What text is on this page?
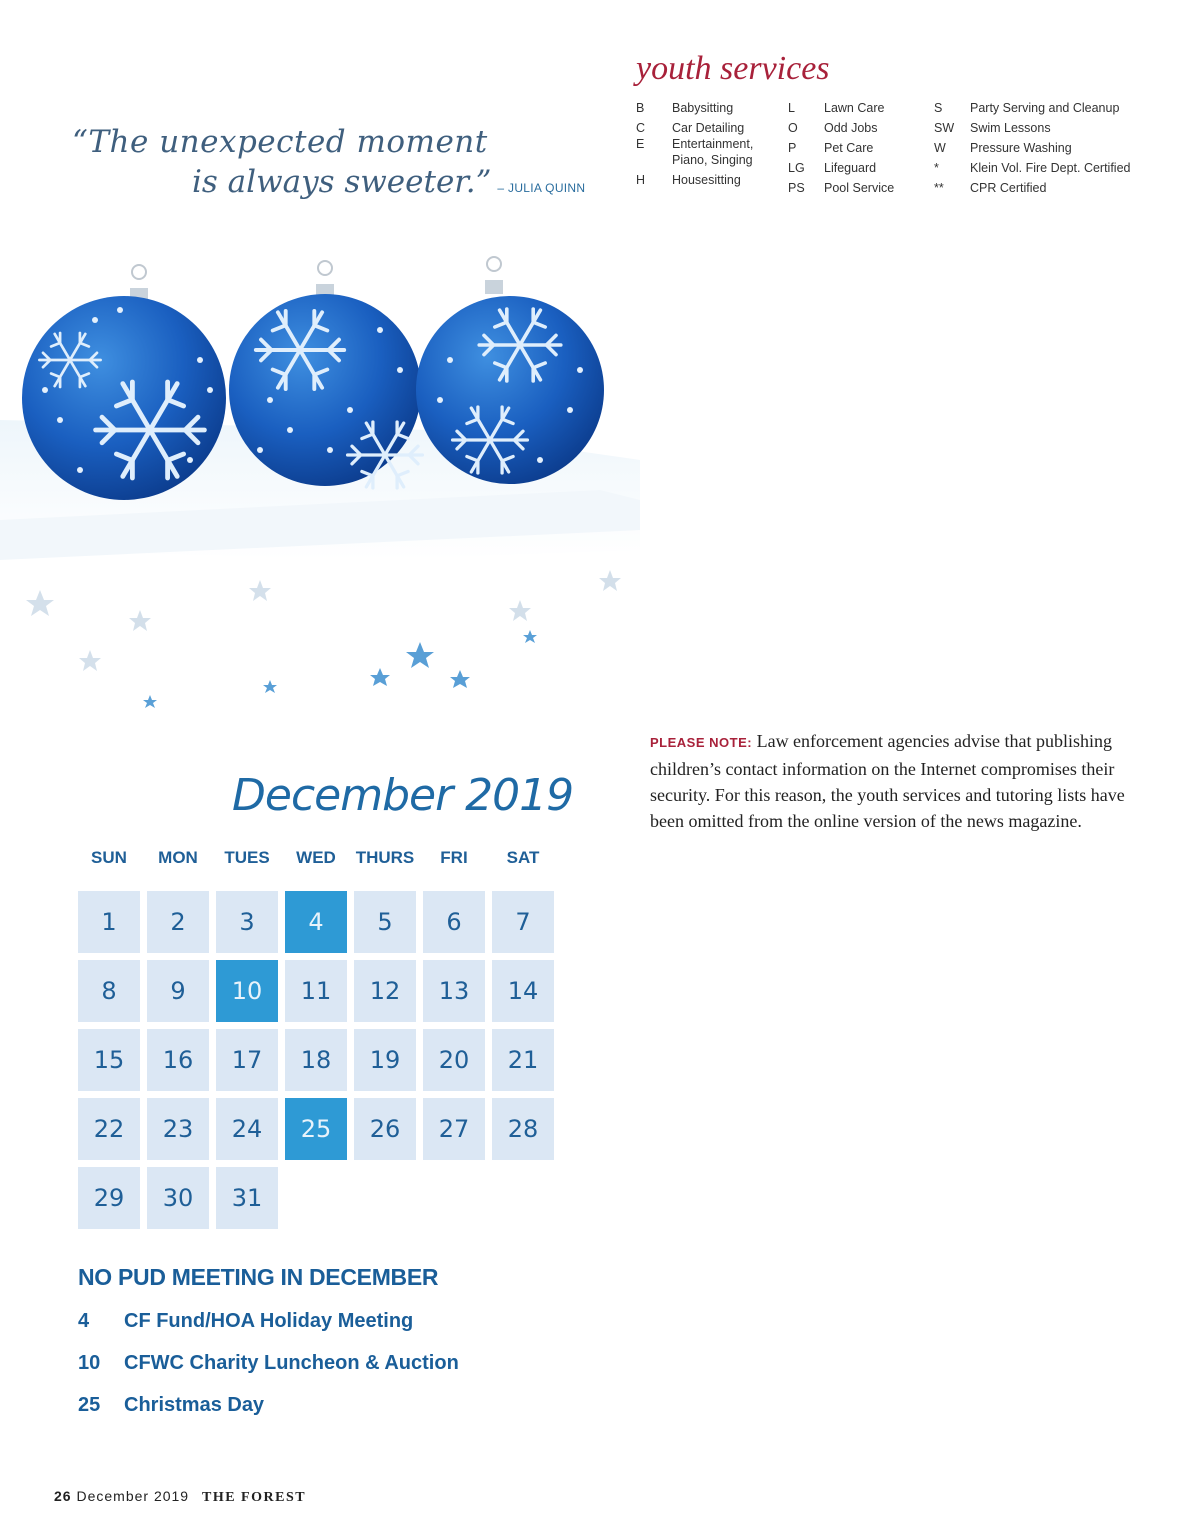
“The unexpected moment
is always sweeter.” – JULIA QUINN
youth services
B	Babysitting
C	Car Detailing
E	Entertainment, Piano, Singing
H	Housesitting
L	Lawn Care
O	Odd Jobs
P	Pet Care
LG	Lifeguard
PS	Pool Service
S	Party Serving and Cleanup
SW	Swim Lessons
W	Pressure Washing
*	Klein Vol. Fire Dept. Certified
**	CPR Certified
PLEASE NOTE: Law enforcement agencies advise that publishing children’s contact information on the Internet compromises their security. For this reason, the youth services and tutoring lists have been omitted from the online version of the news magazine.
December 2019
SUN	MON	TUES	WED	THURS	FRI	SAT
1	2	3	4	5	6	7
8	9	10	11	12	13	14
15	16	17	18	19	20	21
22	23	24	25	26	27	28
29	30	31
NO PUD MEETING IN DECEMBER
4 CF Fund/HOA Holiday Meeting
10 CFWC Charity Luncheon & Auction
25 Christmas Day
26 December 2019 THE FOREST
